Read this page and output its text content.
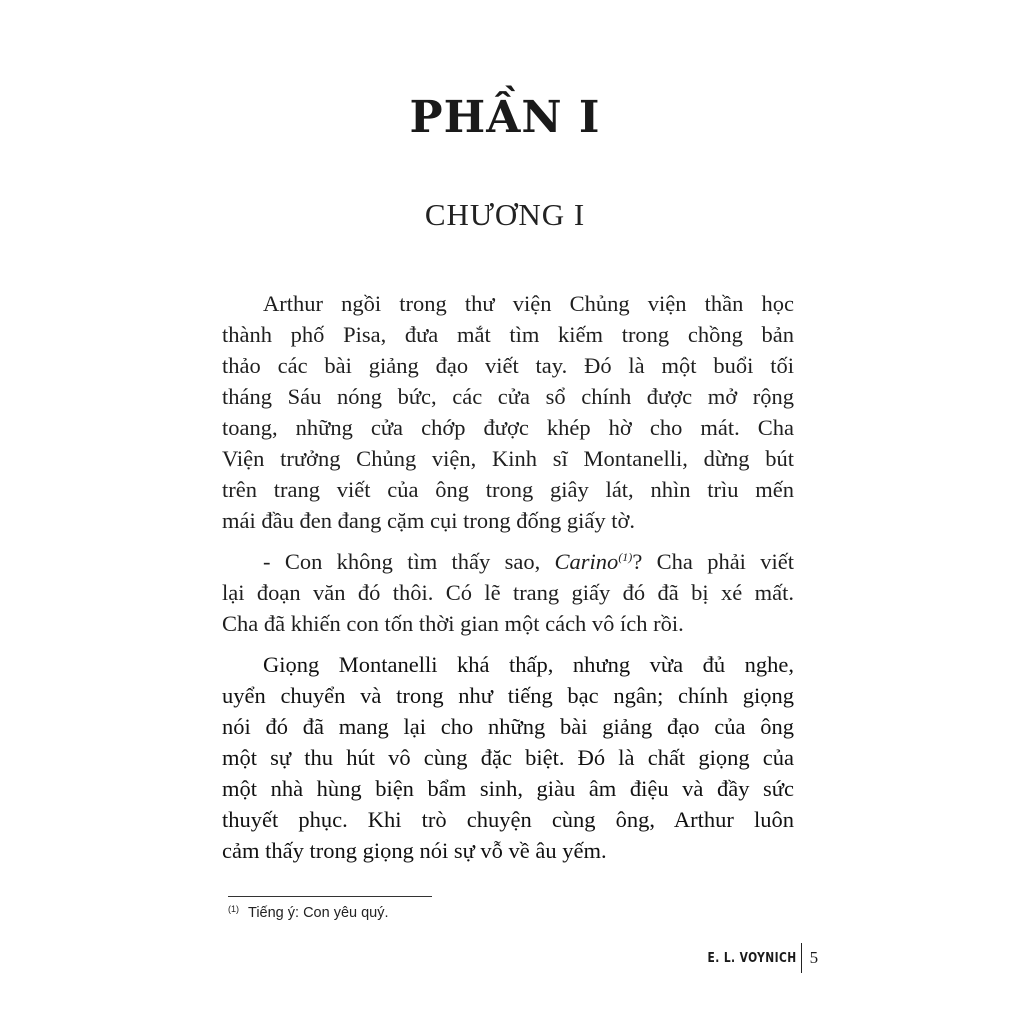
PHẦN I
CHƯƠNG I

Arthur ngồi trong thư viện Chủng viện thần học
thành phố Pisa, đưa mắt tìm kiếm trong chồng bản
thảo các bài giảng đạo viết tay. Đó là một buổi tối
tháng Sáu nóng bức, các cửa sổ chính được mở rộng
toang, những cửa chớp được khép hờ cho mát. Cha
Viện trưởng Chủng viện, Kinh sĩ Montanelli, dừng bút
trên trang viết của ông trong giây lát, nhìn trìu mến
mái đầu đen đang cặm cụi trong đống giấy tờ.

- Con không tìm thấy sao, Carino$^{(1)}$? Cha phải viết
lại đoạn văn đó thôi. Có lẽ trang giấy đó đã bị xé mất.
Cha đã khiến con tốn thời gian một cách vô ích rồi.

Giọng Montanelli khá thấp, nhưng vừa đủ nghe,
uyển chuyển và trong như tiếng bạc ngân; chính giọng
nói đó đã mang lại cho những bài giảng đạo của ông
một sự thu hút vô cùng đặc biệt. Đó là chất giọng của
một nhà hùng biện bẩm sinh, giàu âm điệu và đầy sức
thuyết phục. Khi trò chuyện cùng ông, Arthur luôn
cảm thấy trong giọng nói sự vỗ về âu yếm.

$^{(1)}$ Tiếng ý: Con yêu quý.
E. L. VOYNICH 5
